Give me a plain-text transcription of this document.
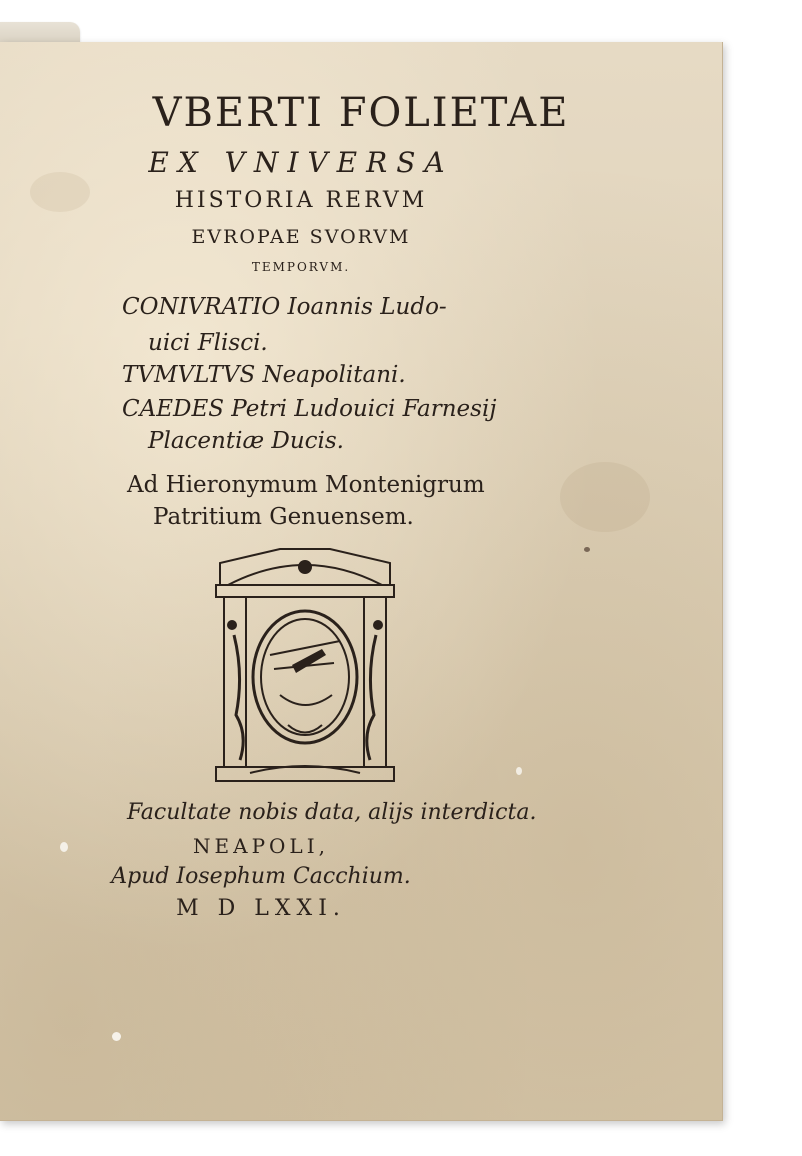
VBERTI FOLIETAE
EX VNIVERSA
HISTORIA RERVM
EVROPAE SVORVM
TEMPORVM.
CONIVRATIO Ioannis Ludo-
uici Flisci.
TVMVLTVS Neapolitani.
CAEDES Petri Ludouici Farnesij
Placentiæ Ducis.
Ad Hieronymum Montenigrum
Patritium Genuensem.
Facultate nobis data, alijs interdicta.
NEAPOLI,
Apud Iosephum Cacchium.
M D LXXI.
